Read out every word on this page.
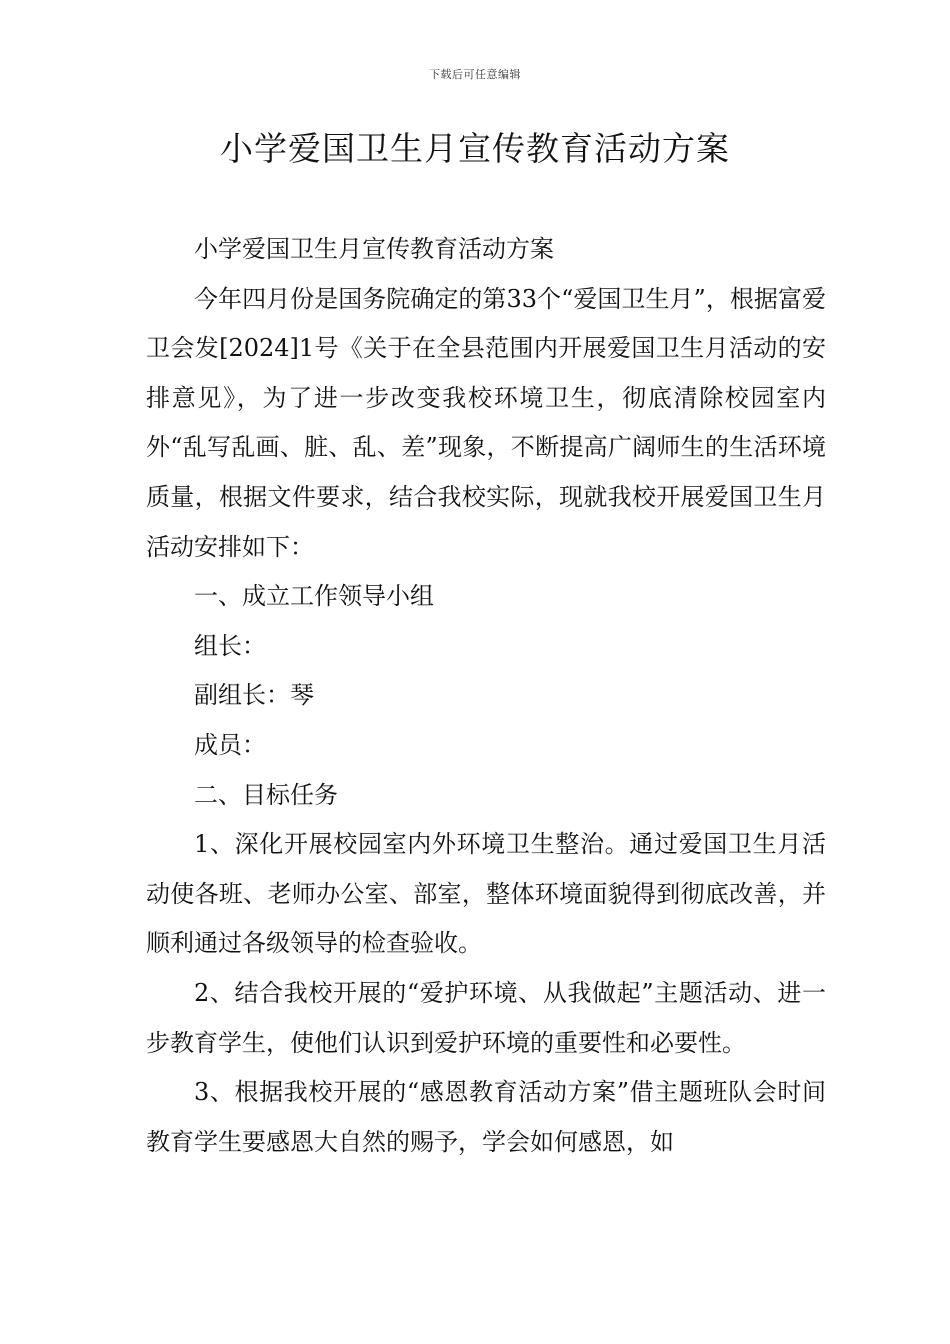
下载后可任意编辑
小学爱国卫生月宣传教育活动方案

小学爱国卫生月宣传教育活动方案

今年四月份是国务院确定的第33个“爱国卫生月”，根据富爱卫会发[2024]1号《关于在全县范围内开展爱国卫生月活动的安排意见》，为了进一步改变我校环境卫生，彻底清除校园室内外“乱写乱画、脏、乱、差”现象，不断提高广阔师生的生活环境质量，根据文件要求，结合我校实际，现就我校开展爱国卫生月活动安排如下：

一、成立工作领导小组

组长：

副组长：琴

成员：

二、目标任务

1、深化开展校园室内外环境卫生整治。通过爱国卫生月活动使各班、老师办公室、部室，整体环境面貌得到彻底改善，并顺利通过各级领导的检查验收。

2、结合我校开展的“爱护环境、从我做起”主题活动、进一步教育学生，使他们认识到爱护环境的重要性和必要性。

3、根据我校开展的“感恩教育活动方案”借主题班队会时间教育学生要感恩大自然的赐予，学会如何感恩，如
